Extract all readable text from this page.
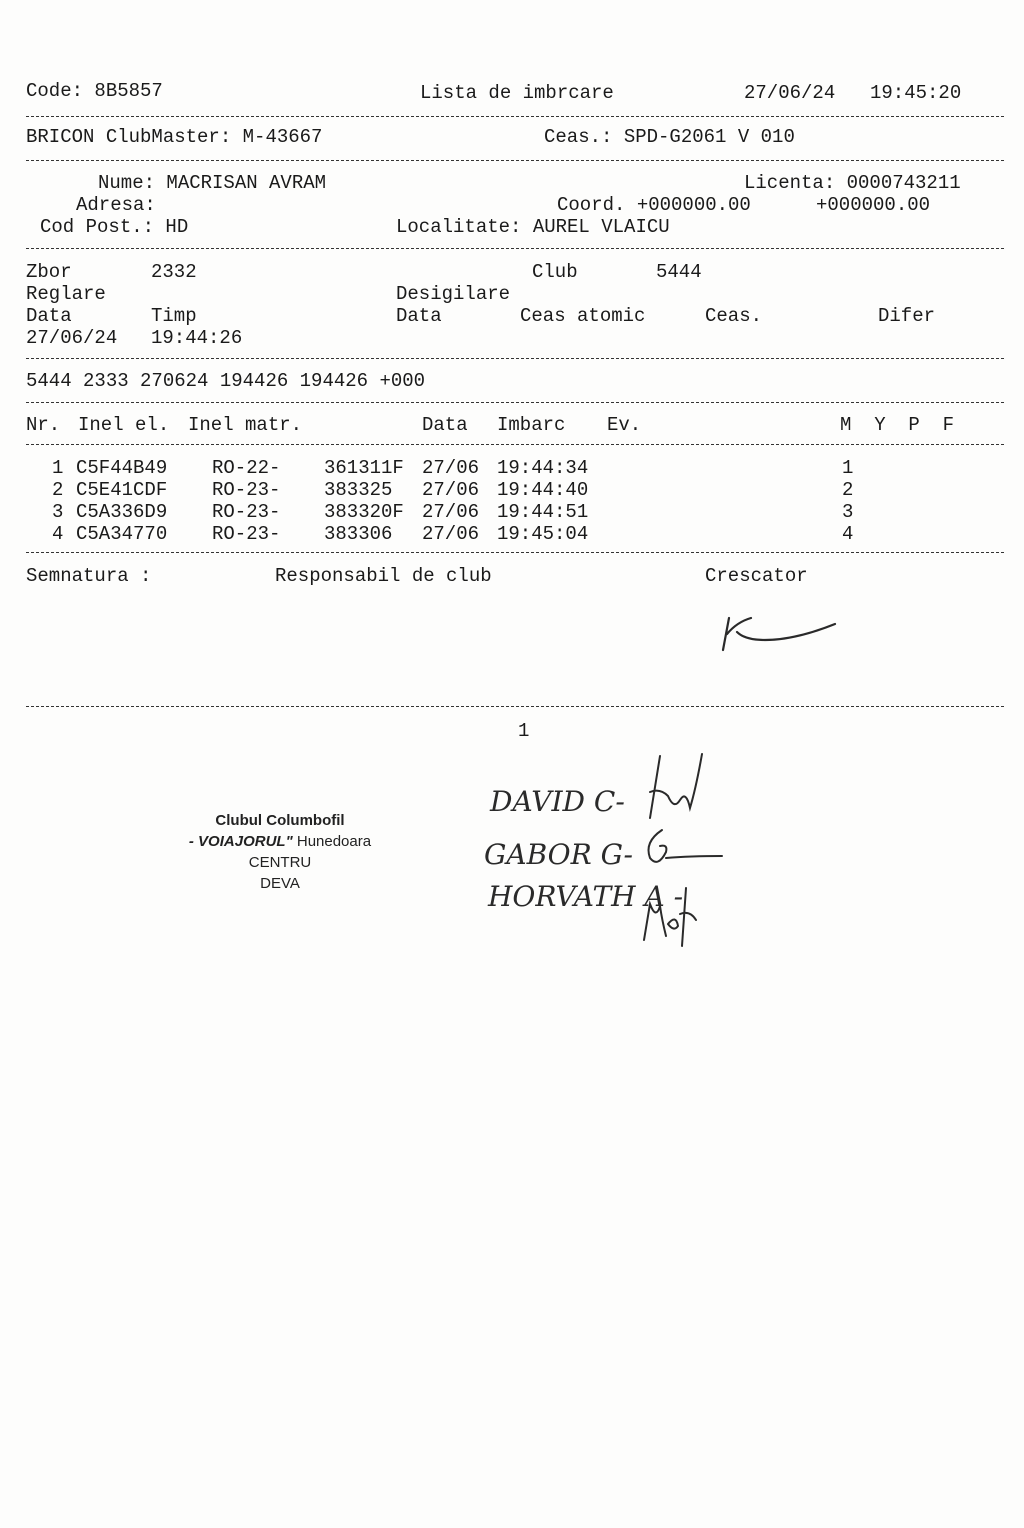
Code: 8B5857	Lista de imbrcare	27/06/24 19:45:20
BRICON ClubMaster: M-43667	Ceas.: SPD-G2061 V 010
Nume: MACRISAN AVRAM	Licenta: 0000743211
Adresa:	Coord. +000000.00	+000000.00
Cod Post.: HD	Localitate: AUREL VLAICU
Zbor	2332	Club	5444
Reglare	Desigilare
Data	Timp	Data	Ceas atomic	Ceas.	Difer
27/06/24 19:44:26
5444 2333 270624 194426 194426 +000
Nr. Inel el. Inel matr.	Data Imbarc Ev.	M  Y  P  F
1 C5F44B49 RO-22- 361311F 27/06 19:44:34	1
2 C5E41CDF RO-23- 383325 27/06 19:44:40	2
3 C5A336D9 RO-23- 383320F 27/06 19:44:51	3
4 C5A34770 RO-23- 383306 27/06 19:45:04	4
Semnatura :	Responsabil de club	Crescator
1
Clubul Columbofil
- VOIAJORUL" Hunedoara
CENTRU
DEVA
DAVID C-
GABOR G-
HORVATH A -
